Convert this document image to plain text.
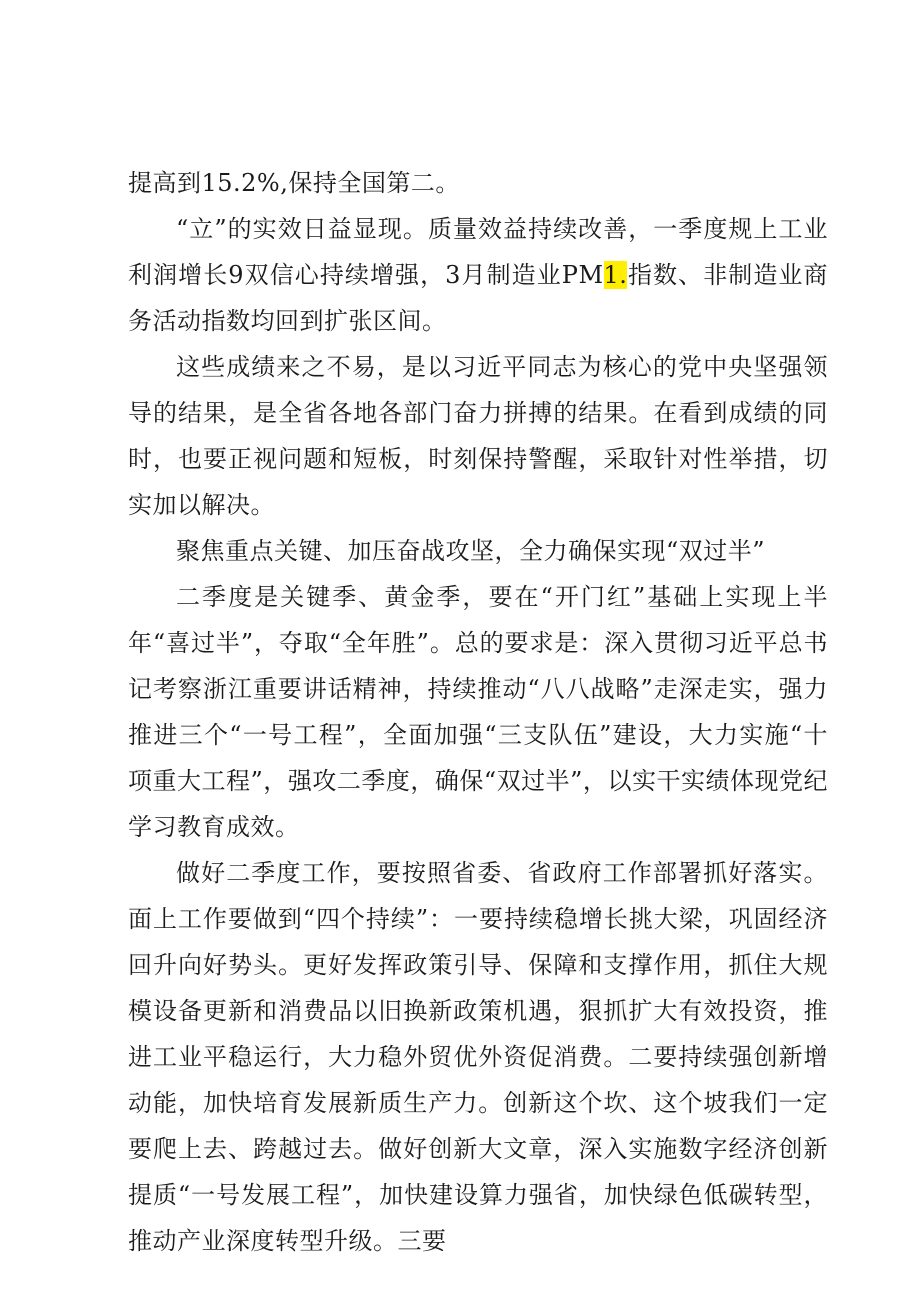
提高到15.2%,保持全国第二。

“立”的实效日益显现。质量效益持续改善，一季度规上工业利润增长9双信心持续增强，3月制造业PM1.指数、非制造业商务活动指数均回到扩张区间。

这些成绩来之不易，是以习近平同志为核心的党中央坚强领导的结果，是全省各地各部门奋力拼搏的结果。在看到成绩的同时，也要正视问题和短板，时刻保持警醒，采取针对性举措，切实加以解决。

聚焦重点关键、加压奋战攻坚，全力确保实现“双过半”

二季度是关键季、黄金季，要在“开门红”基础上实现上半年“喜过半”，夺取“全年胜”。总的要求是：深入贯彻习近平总书记考察浙江重要讲话精神，持续推动“八八战略”走深走实，强力推进三个“一号工程”，全面加强“三支队伍”建设，大力实施“十项重大工程”，强攻二季度，确保“双过半”，以实干实绩体现党纪学习教育成效。

做好二季度工作，要按照省委、省政府工作部署抓好落实。面上工作要做到“四个持续”：一要持续稳增长挑大梁，巩固经济回升向好势头。更好发挥政策引导、保障和支撑作用，抓住大规模设备更新和消费品以旧换新政策机遇，狠抓扩大有效投资，推进工业平稳运行，大力稳外贸优外资促消费。二要持续强创新增动能，加快培育发展新质生产力。创新这个坎、这个坡我们一定要爬上去、跨越过去。做好创新大文章，深入实施数字经济创新提质“一号发展工程”，加快建设算力强省，加快绿色低碳转型，推动产业深度转型升级。三要
